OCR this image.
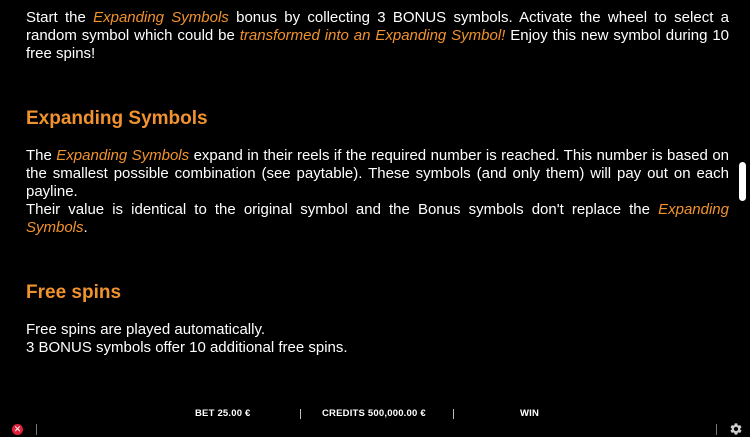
Start the Expanding Symbols bonus by collecting 3 BONUS symbols. Activate the wheel to select a random symbol which could be transformed into an Expanding Symbol! Enjoy this new symbol during 10 free spins!

Expanding Symbols

The Expanding Symbols expand in their reels if the required number is reached. This number is based on the smallest possible combination (see paytable). These symbols (and only them) will pay out on each payline.

Their value is identical to the original symbol and the Bonus symbols don't replace the Expanding Symbols.

Free spins
Free spins are played automatically.
3 BONUS symbols offer 10 additional free spins.
BET 25.00 €	CREDITS 500,000.00 €	WIN
✕
